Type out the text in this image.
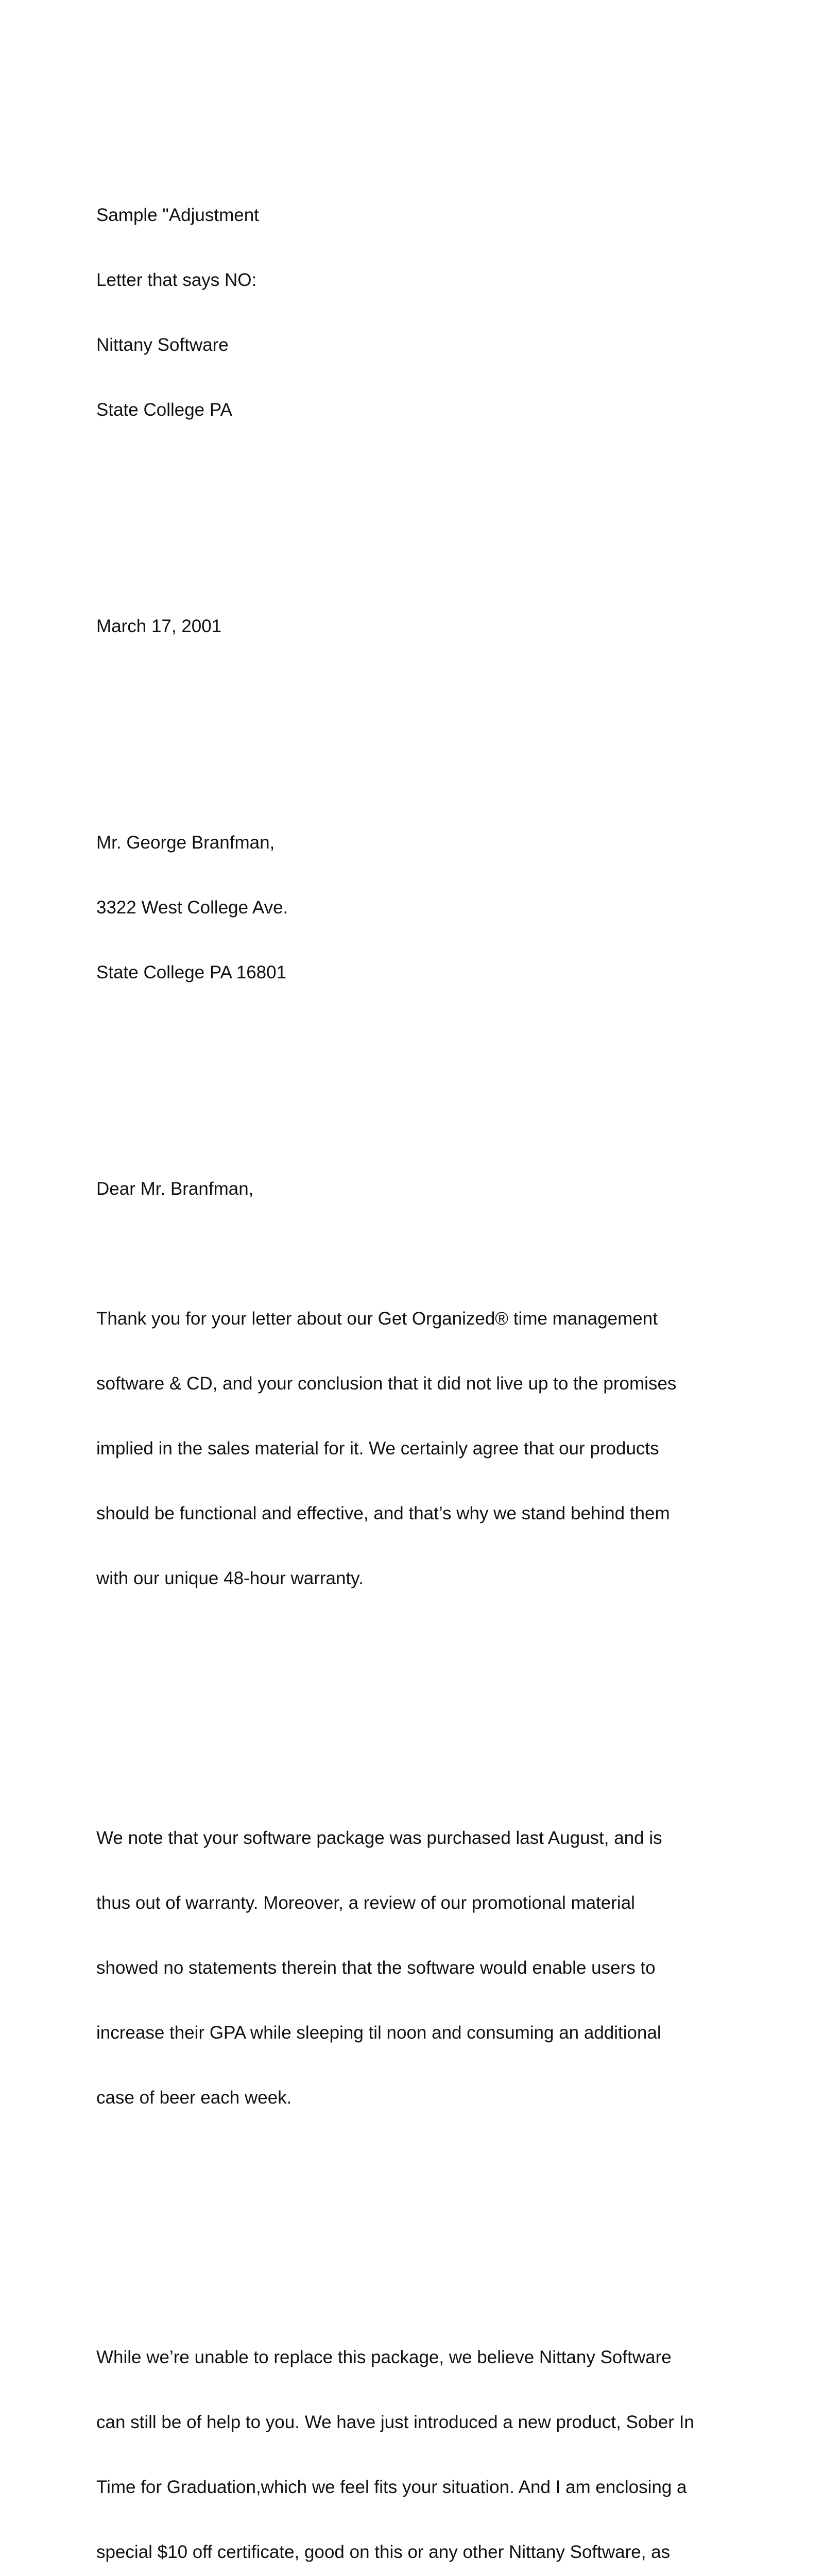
Sample "Adjustment

Letter that says NO:

Nittany Software

State College PA

March 17, 2001

Mr. George Branfman,

3322 West College Ave.

State College PA 16801

Dear Mr. Branfman,

Thank you for your letter about our Get Organized® time management

software & CD, and your conclusion that it did not live up to the promises

implied in the sales material for it. We certainly agree that our products

should be functional and effective, and that’s why we stand behind them

with our unique 48-hour warranty.

We note that your software package was purchased last August, and is

thus out of warranty. Moreover, a review of our promotional material

showed no statements therein that the software would enable users to

increase their GPA while sleeping til noon and consuming an additional

case of beer each week.

While we’re unable to replace this package, we believe Nittany Software

can still be of help to you. We have just introduced a new product, Sober In

Time for Graduation,which we feel fits your situation. And I am enclosing a

special $10 off certificate, good on this or any other Nittany Software, as
